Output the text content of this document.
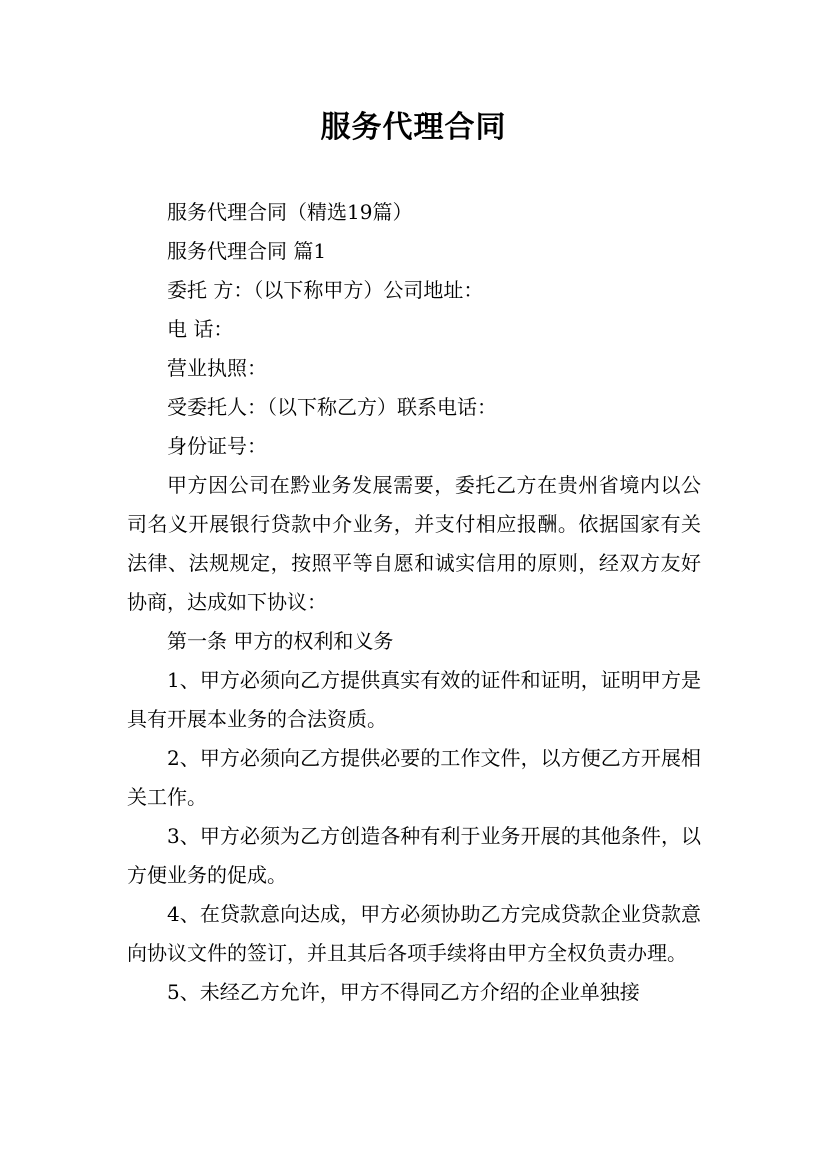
服务代理合同

服务代理合同（精选19篇）

服务代理合同 篇1

委托 方：（以下称甲方）公司地址：

电 话：

营业执照：

受委托人：（以下称乙方）联系电话：

身份证号：

甲方因公司在黔业务发展需要，委托乙方在贵州省境内以公司名义开展银行贷款中介业务，并支付相应报酬。依据国家有关法律、法规规定，按照平等自愿和诚实信用的原则，经双方友好协商，达成如下协议：

第一条 甲方的权利和义务

1、甲方必须向乙方提供真实有效的证件和证明，证明甲方是具有开展本业务的合法资质。

2、甲方必须向乙方提供必要的工作文件，以方便乙方开展相关工作。

3、甲方必须为乙方创造各种有利于业务开展的其他条件，以方便业务的促成。

4、在贷款意向达成，甲方必须协助乙方完成贷款企业贷款意向协议文件的签订，并且其后各项手续将由甲方全权负责办理。

5、未经乙方允许，甲方不得同乙方介绍的企业单独接
